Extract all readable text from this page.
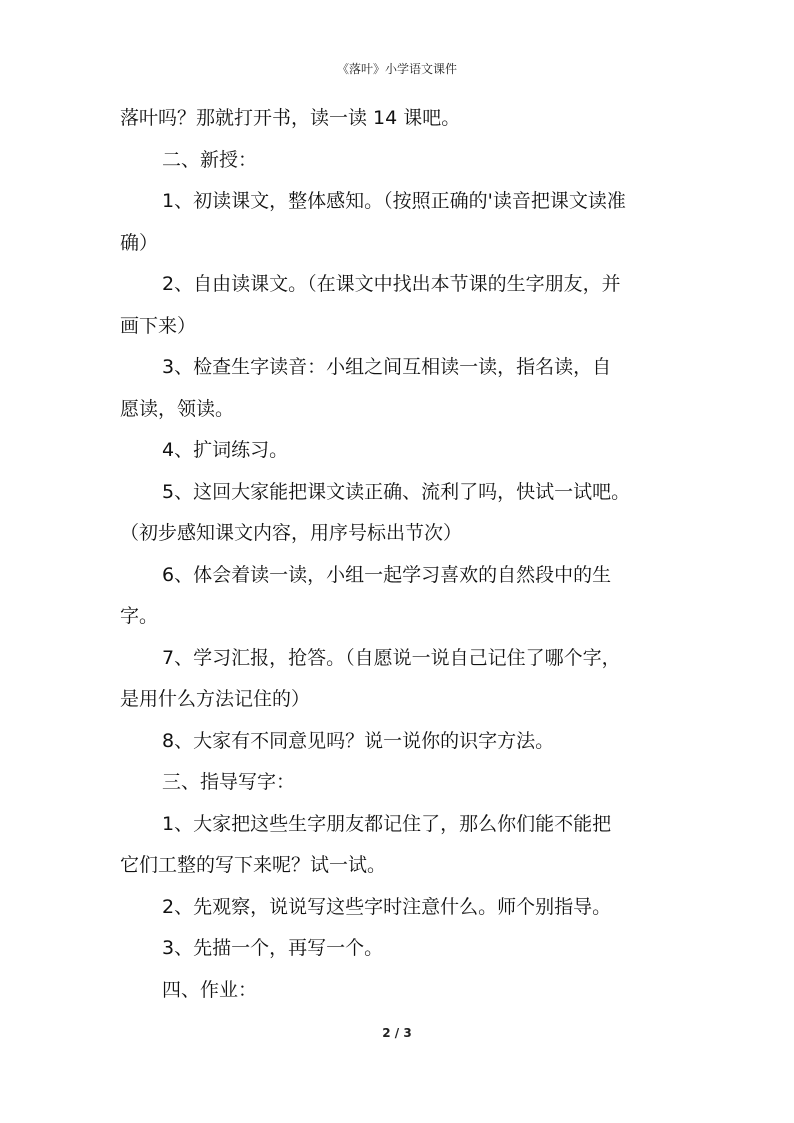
《落叶》小学语文课件
落叶吗？那就打开书，读一读 14 课吧。
二、新授：
1、初读课文，整体感知。（按照正确的'读音把课文读准
确）
2、自由读课文。（在课文中找出本节课的生字朋友，并
画下来）
3、检查生字读音：小组之间互相读一读，指名读，自
愿读，领读。
4、扩词练习。
5、这回大家能把课文读正确、流利了吗，快试一试吧。
（初步感知课文内容，用序号标出节次）
6、体会着读一读，小组一起学习喜欢的自然段中的生
字。
7、学习汇报，抢答。（自愿说一说自己记住了哪个字，
是用什么方法记住的）
8、大家有不同意见吗？说一说你的识字方法。
三、指导写字：
1、大家把这些生字朋友都记住了，那么你们能不能把
它们工整的写下来呢？试一试。
2、先观察，说说写这些字时注意什么。师个别指导。
3、先描一个，再写一个。
四、作业：
2 / 3
